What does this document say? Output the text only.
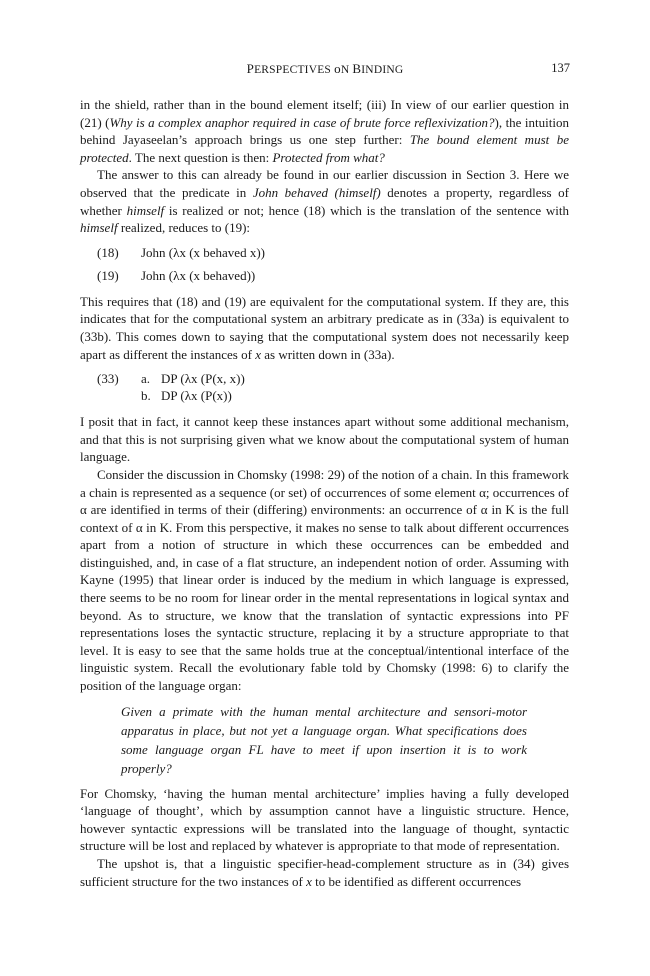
PERSPECTIVES oN BINDING	137

in the shield, rather than in the bound element itself; (iii) In view of our earlier question in (21) (Why is a complex anaphor required in case of brute force reflexivization?), the intuition behind Jayaseelan’s approach brings us one step further: The bound element must be protected. The next question is then: Protected from what?

The answer to this can already be found in our earlier discussion in Section 3. Here we observed that the predicate in John behaved (himself) denotes a property, regardless of whether himself is realized or not; hence (18) which is the translation of the sentence with himself realized, reduces to (19):

(18)	John (λx (x behaved x))
(19)	John (λx (x behaved))

This requires that (18) and (19) are equivalent for the computational system. If they are, this indicates that for the computational system an arbitrary predicate as in (33a) is equivalent to (33b). This comes down to saying that the computational system does not necessarily keep apart as different the instances of x as written down in (33a).

(33)	a. DP (λx (P(x, x))
b. DP (λx (P(x))

I posit that in fact, it cannot keep these instances apart without some additional mechanism, and that this is not surprising given what we know about the computational system of human language.

Consider the discussion in Chomsky (1998: 29) of the notion of a chain. In this framework a chain is represented as a sequence (or set) of occurrences of some element α; occurrences of α are identified in terms of their (differing) environments: an occurrence of α in K is the full context of α in K. From this perspective, it makes no sense to talk about different occurrences apart from a notion of structure in which these occurrences can be embedded and distinguished, and, in case of a flat structure, an independent notion of order. Assuming with Kayne (1995) that linear order is induced by the medium in which language is expressed, there seems to be no room for linear order in the mental representations in logical syntax and beyond. As to structure, we know that the translation of syntactic expressions into PF representations loses the syntactic structure, replacing it by a structure appropriate to that level. It is easy to see that the same holds true at the conceptual/intentional interface of the linguistic system. Recall the evolutionary fable told by Chomsky (1998: 6) to clarify the position of the language organ:

Given a primate with the human mental architecture and sensori-motor apparatus in place, but not yet a language organ. What specifications does some language organ FL have to meet if upon insertion it is to work properly?

For Chomsky, ‘having the human mental architecture’ implies having a fully developed ‘language of thought’, which by assumption cannot have a linguistic structure. Hence, however syntactic expressions will be translated into the language of thought, syntactic structure will be lost and replaced by whatever is appropriate to that mode of representation.

The upshot is, that a linguistic specifier-head-complement structure as in (34) gives sufficient structure for the two instances of x to be identified as different occurrences
